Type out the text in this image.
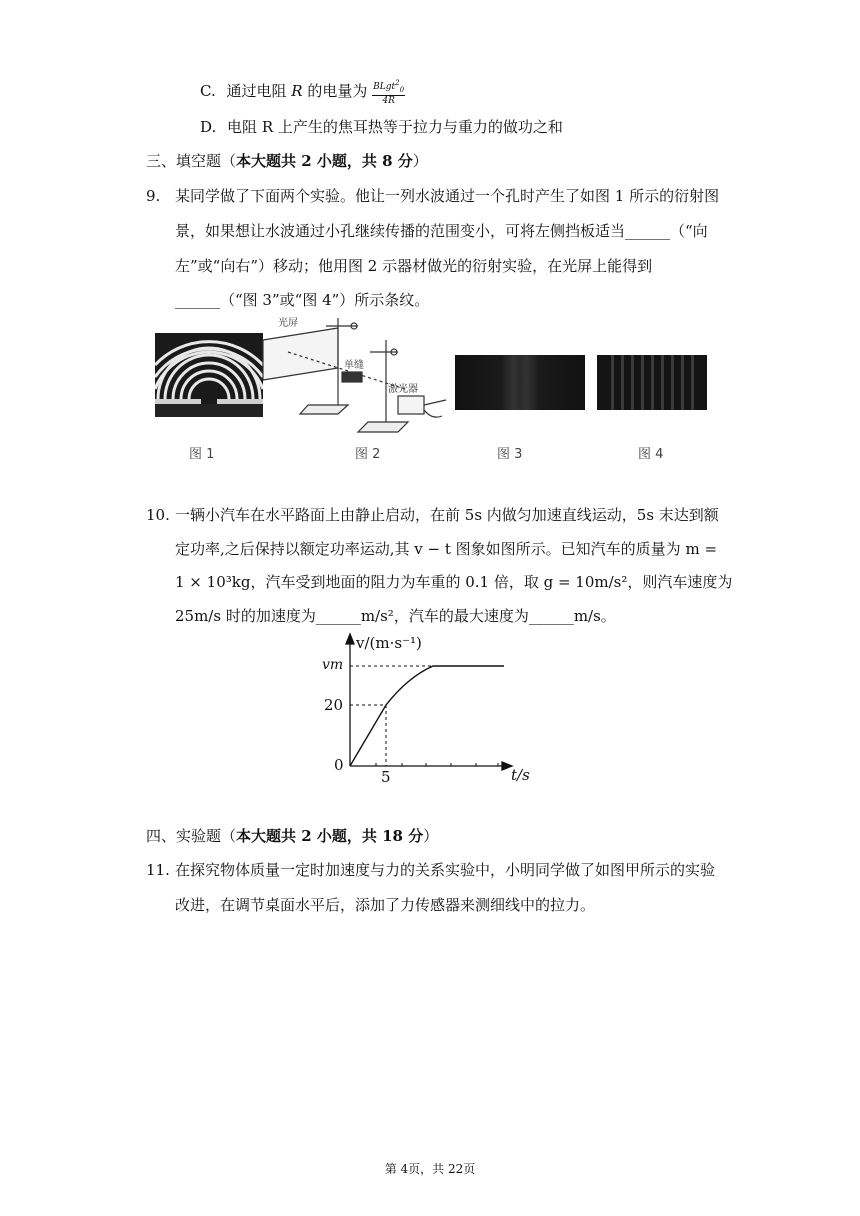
C. 通过电阻 R 的电量为 $\frac{BLgt^2_0}{4R}$
D. 电阻 R 上产生的焦耳热等于拉力与重力的做功之和
三、填空题（本大题共 2 小题，共 8 分）
9. 某同学做了下面两个实验。他让一列水波通过一个孔时产生了如图 1 所示的衍射图
景，如果想让水波通过小孔继续传播的范围变小，可将左侧挡板适当______（“向
左”或“向右”）移动；他用图 2 示器材做光的衍射实验，在光屏上能得到
______（“图 3”或“图 4”）所示条纹。
光屏
单缝
激光器
图 1	图 2	图 3	图 4
10. 一辆小汽车在水平路面上由静止启动，在前 5s 内做匀加速直线运动，5s 末达到额
定功率,之后保持以额定功率运动,其 v − t 图象如图所示。已知汽车的质量为 m =
1 × 10³kg，汽车受到地面的阻力为车重的 0.1 倍，取 g = 10m/s²，则汽车速度为
25m/s 时的加速度为______m/s²，汽车的最大速度为______m/s。
vm
20
0
5	t/s
v/(m·s⁻¹)
四、实验题（本大题共 2 小题，共 18 分）
11. 在探究物体质量一定时加速度与力的关系实验中，小明同学做了如图甲所示的实验
改进，在调节桌面水平后，添加了力传感器来测细线中的拉力。
第 4页，共 22页
